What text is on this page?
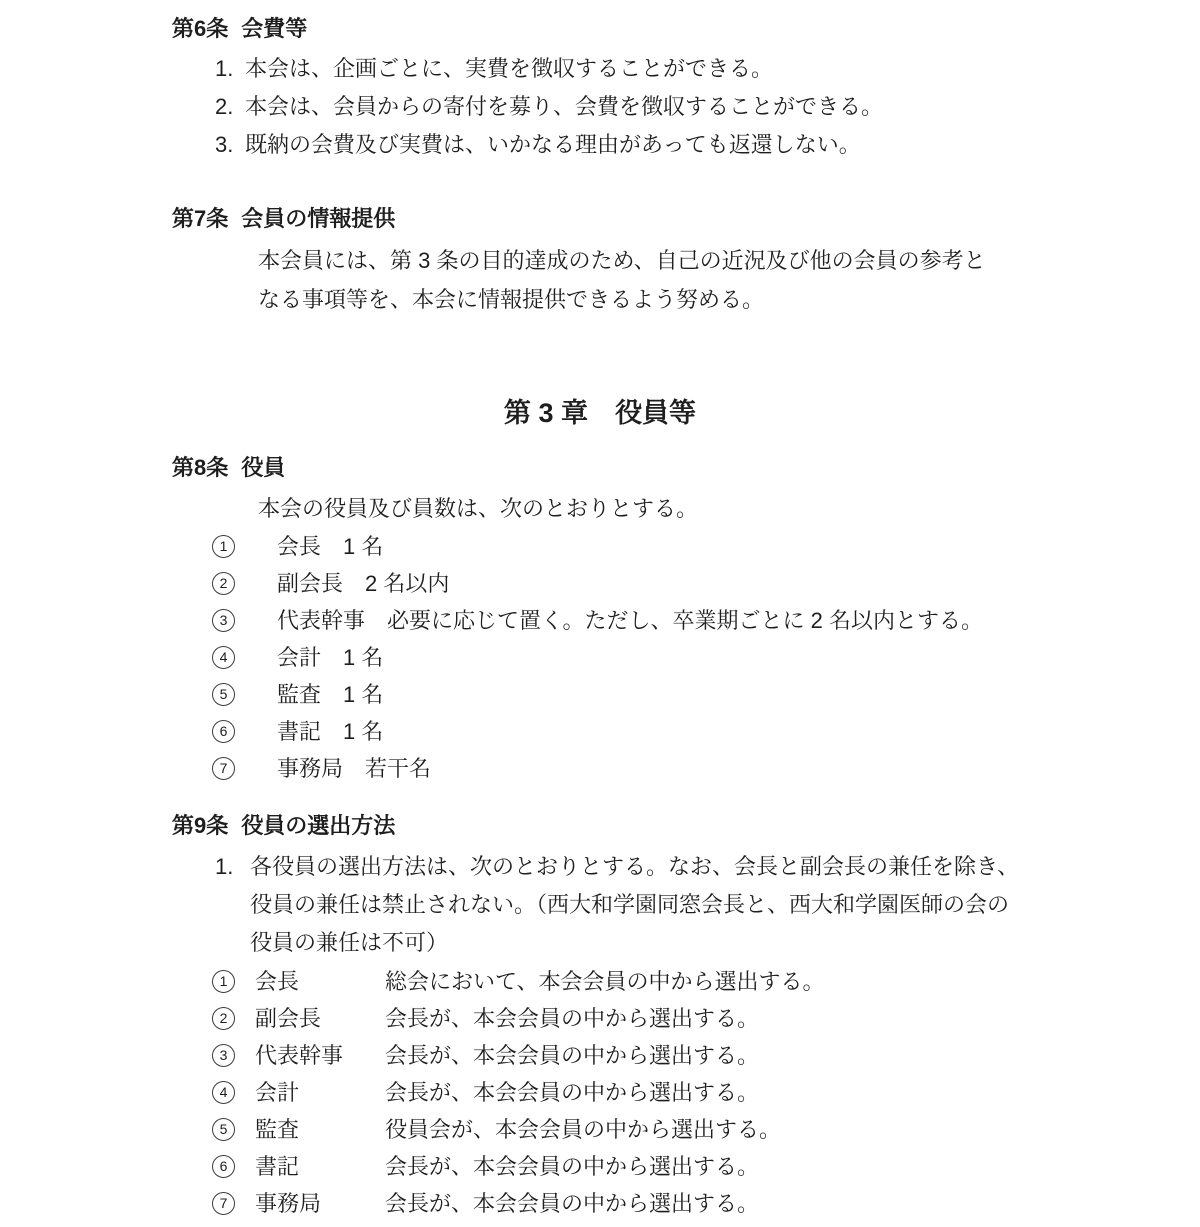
第6条 会費等
1. 本会は、企画ごとに、実費を徴収することができる。
2. 本会は、会員からの寄付を募り、会費を徴収することができる。
3. 既納の会費及び実費は、いかなる理由があっても返還しない。
第7条 会員の情報提供
本会員には、第 3 条の目的達成のため、自己の近況及び他の会員の参考と
なる事項等を、本会に情報提供できるよう努める。
第 3 章　役員等
第8条 役員
本会の役員及び員数は、次のとおりとする。
1	会長　1 名
2	副会長　2 名以内
3	代表幹事　必要に応じて置く。ただし、卒業期ごとに 2 名以内とする。
4	会計　1 名
5	監査　1 名
6	書記　1 名
7	事務局　若干名
第9条 役員の選出方法
1. 各役員の選出方法は、次のとおりとする。なお、会長と副会長の兼任を除き、
役員の兼任は禁止されない。（西大和学園同窓会長と、西大和学園医師の会の
役員の兼任は不可）
1	会長	総会において、本会会員の中から選出する。
2	副会長	会長が、本会会員の中から選出する。
3	代表幹事	会長が、本会会員の中から選出する。
4	会計	会長が、本会会員の中から選出する。
5	監査	役員会が、本会会員の中から選出する。
6	書記	会長が、本会会員の中から選出する。
7	事務局	会長が、本会会員の中から選出する。
